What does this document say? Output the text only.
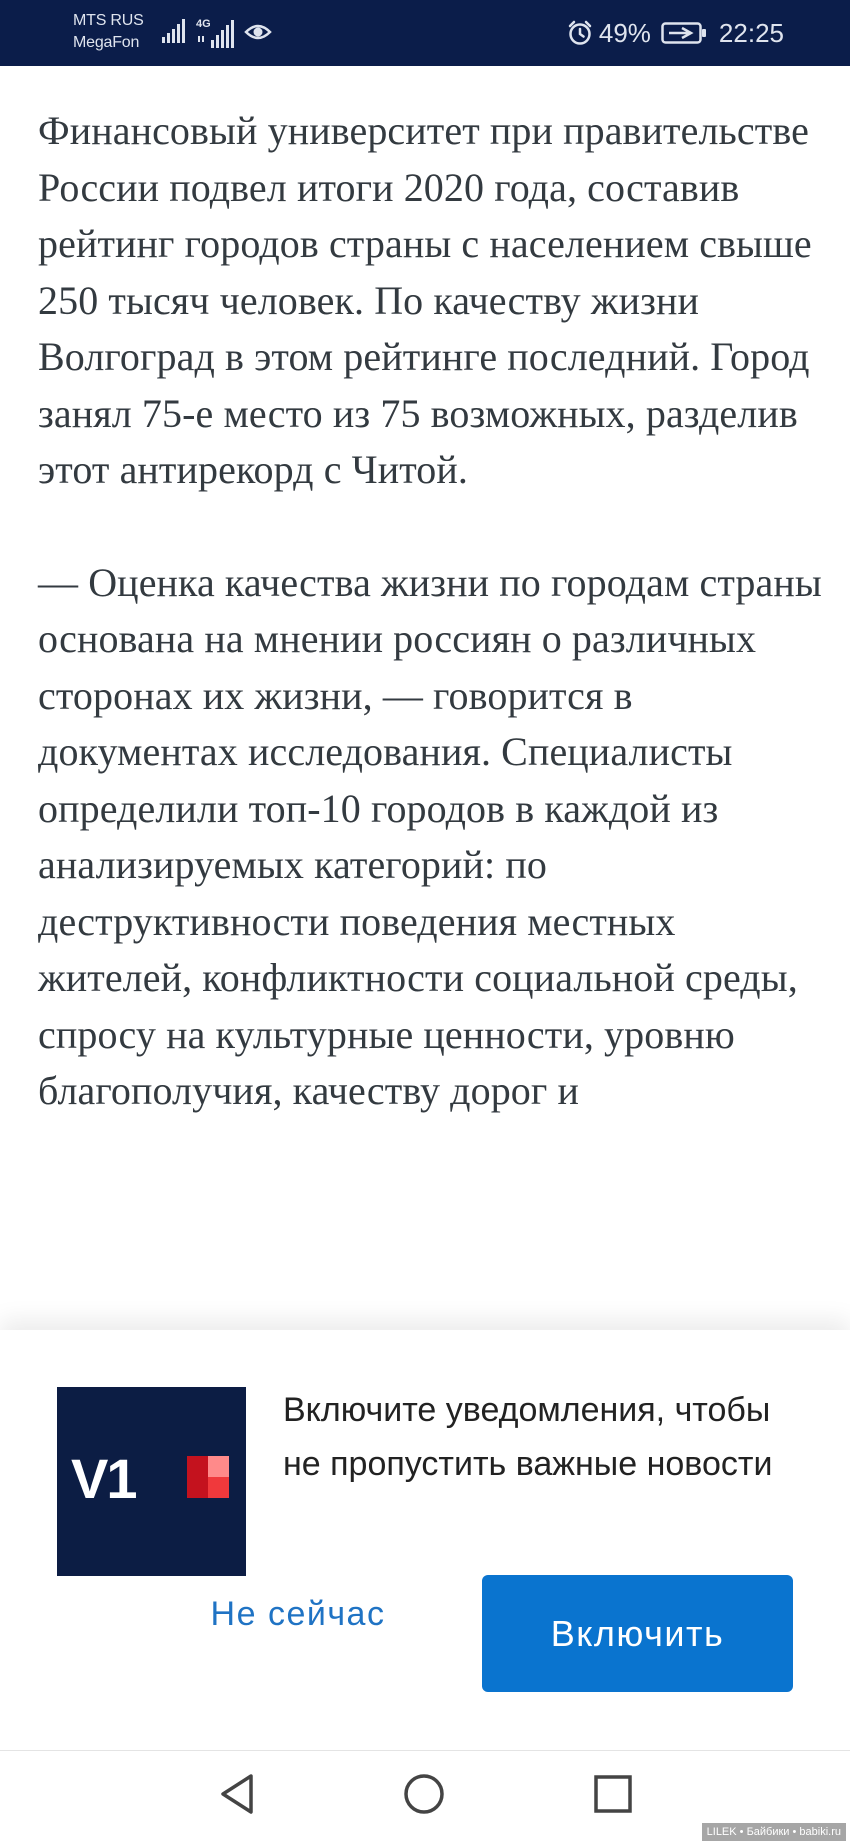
MTS RUS
MegaFon
4G	49%	22:25

Финансовый университет при правительстве России подвел итоги 2020 года, составив рейтинг городов страны с населением свыше 250 тысяч человек. По качеству жизни Волгоград в этом рейтинге последний. Город занял 75-е место из 75 возможных, разделив этот антирекорд с Читой.

— Оценка качества жизни по городам страны основана на мнении россиян о различных сторонах их жизни, — говорится в документах исследования. Специалисты определили топ-10 городов в каждой из анализируемых категорий: по деструктивности поведения местных жителей, конфликтности социальной среды, спросу на культурные ценности, уровню благополучия, качеству дорог и

V1
Включите уведомления, чтобы не пропустить важные новости
Не сейчас	Включить
LILEK • Байбики • babiki.ru
